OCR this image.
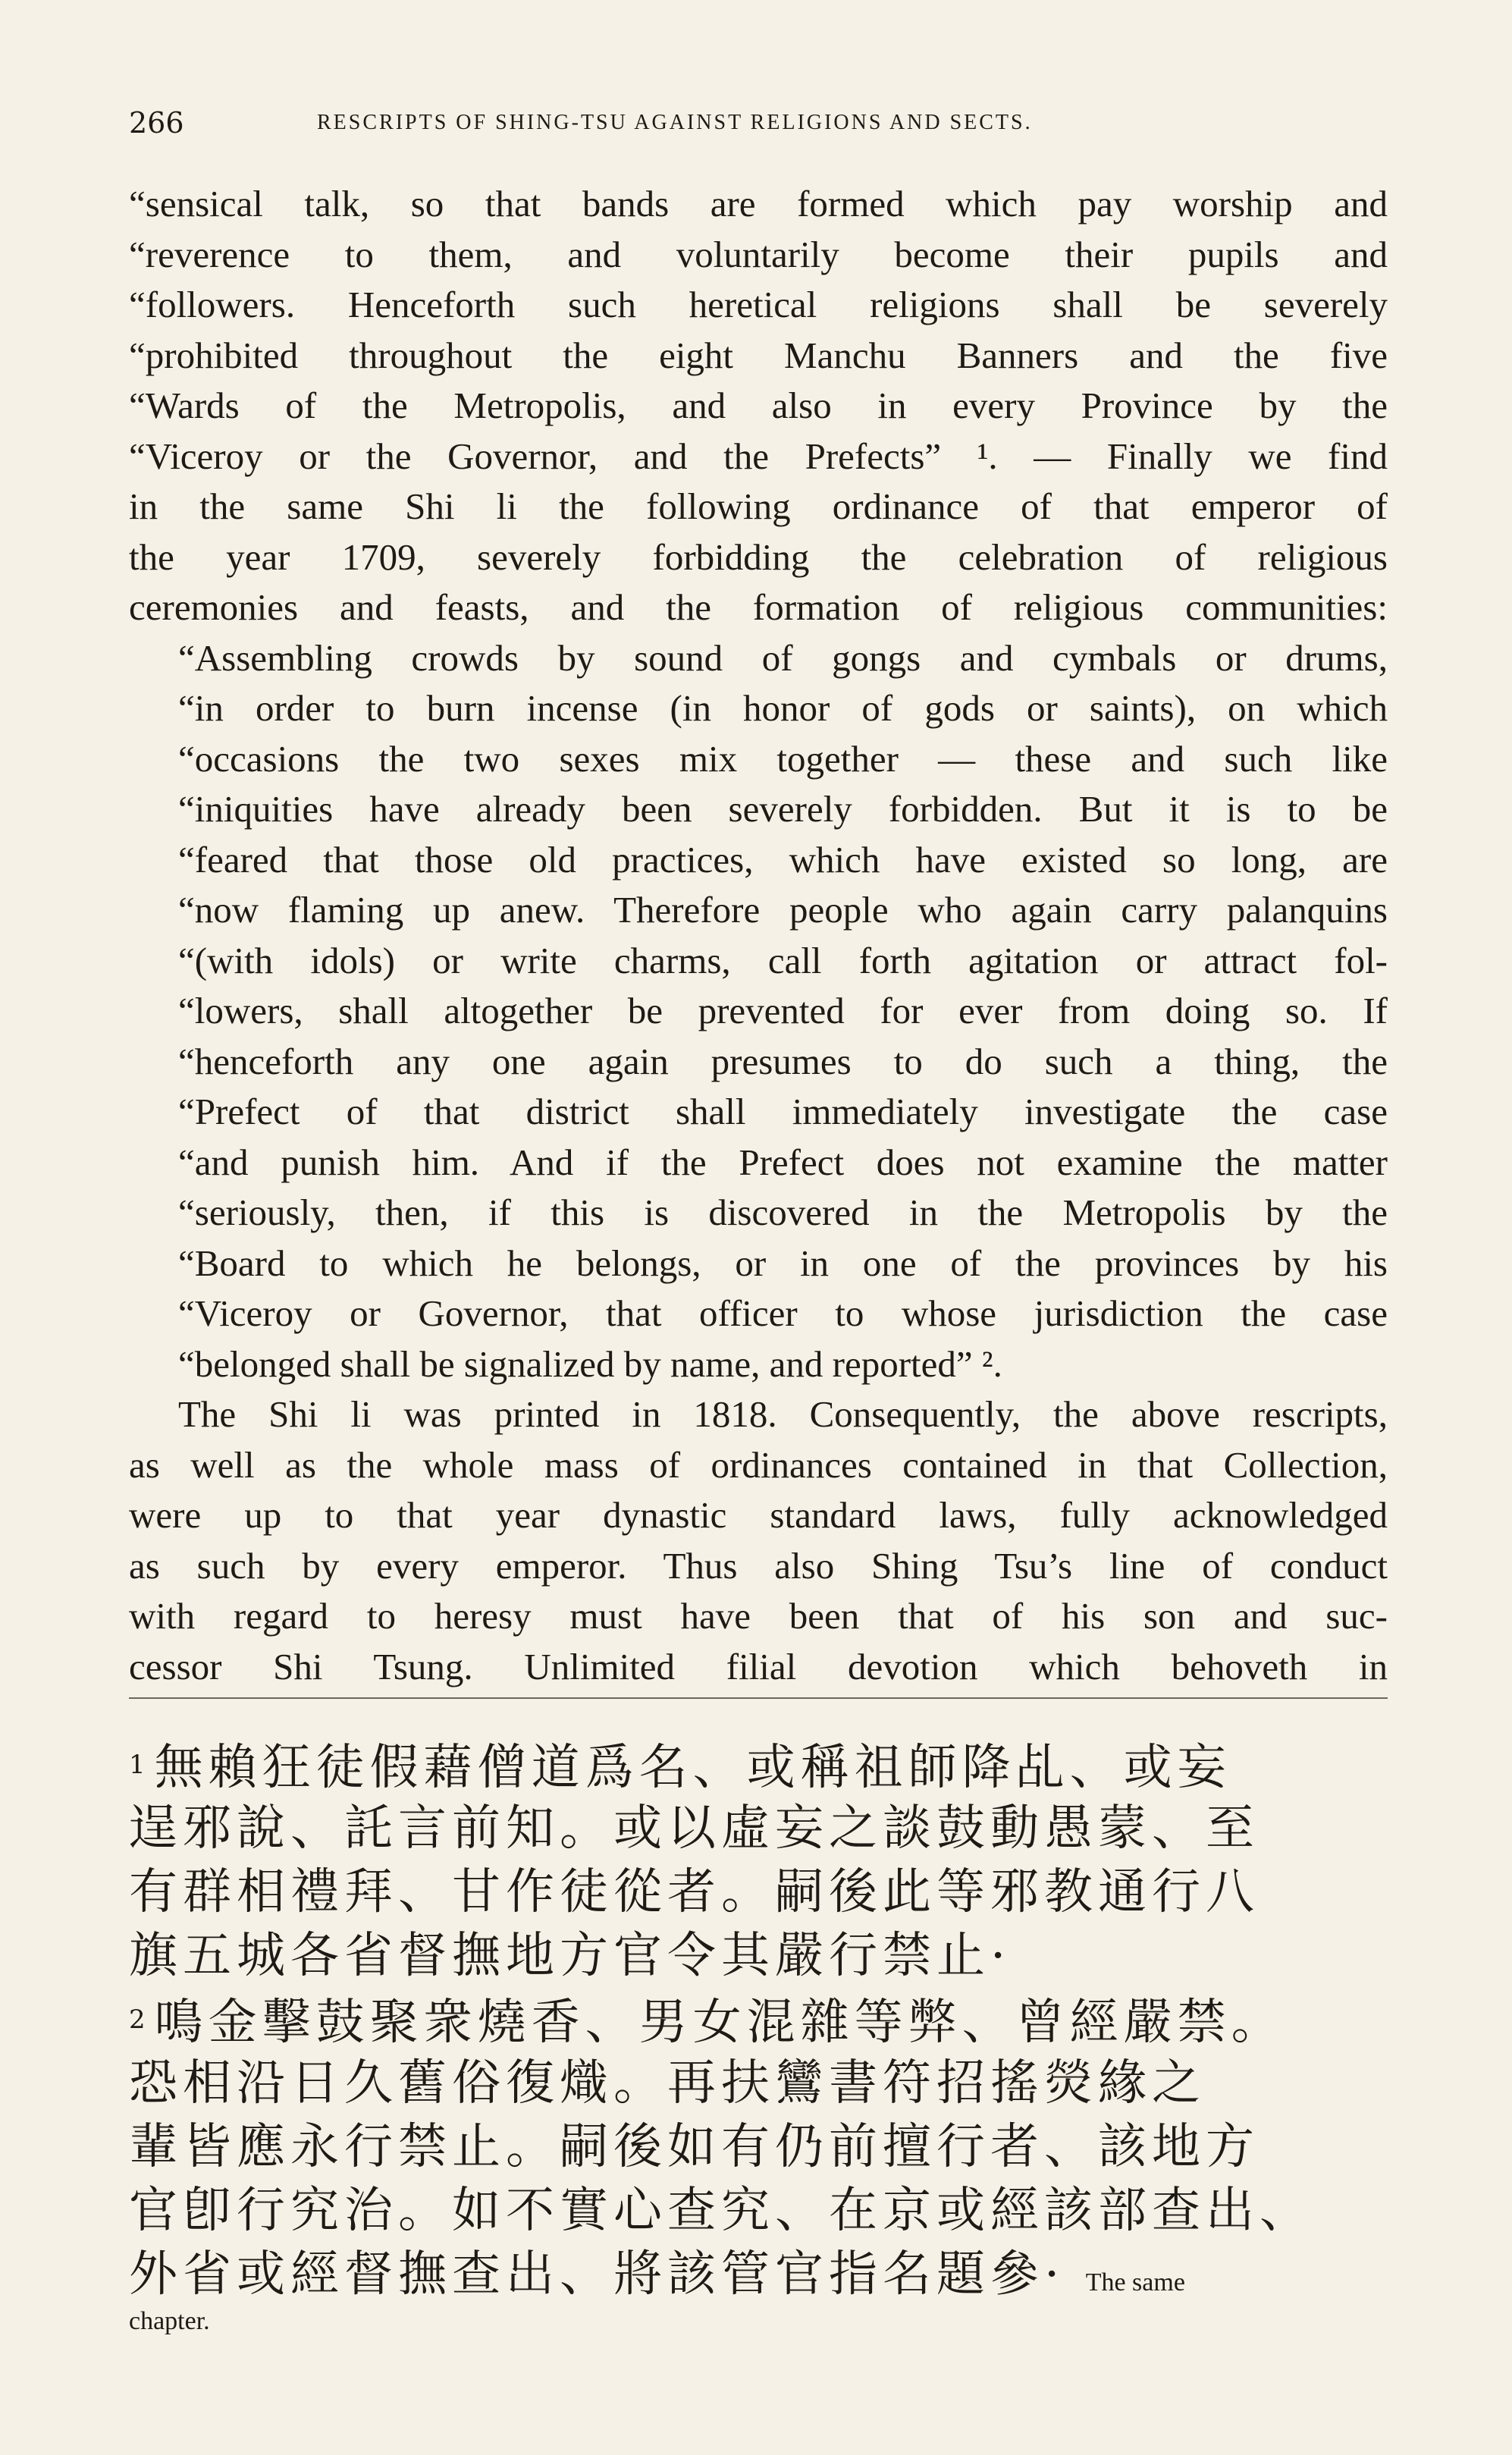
266	RESCRIPTS OF SHING-TSU AGAINST RELIGIONS AND SECTS.
“sensical talk, so that bands are formed which pay worship and
“reverence to them, and voluntarily become their pupils and
“followers. Henceforth such heretical religions shall be severely
“prohibited throughout the eight Manchu Banners and the five
“Wards of the Metropolis, and also in every Province by the
“Viceroy or the Governor, and the Prefects” ¹. — Finally we find
in the same Shi li the following ordinance of that emperor of
the year 1709, severely forbidding the celebration of religious
ceremonies and feasts, and the formation of religious communities:
“Assembling crowds by sound of gongs and cymbals or drums,
“in order to burn incense (in honor of gods or saints), on which
“occasions the two sexes mix together — these and such like
“iniquities have already been severely forbidden. But it is to be
“feared that those old practices, which have existed so long, are
“now flaming up anew. Therefore people who again carry palanquins
“(with idols) or write charms, call forth agitation or attract fol-
“lowers, shall altogether be prevented for ever from doing so. If
“henceforth any one again presumes to do such a thing, the
“Prefect of that district shall immediately investigate the case
“and punish him. And if the Prefect does not examine the matter
“seriously, then, if this is discovered in the Metropolis by the
“Board to which he belongs, or in one of the provinces by his
“Viceroy or Governor, that officer to whose jurisdiction the case
“belonged shall be signalized by name, and reported” ².
The Shi li was printed in 1818. Consequently, the above rescripts,
as well as the whole mass of ordinances contained in that Collection,
were up to that year dynastic standard laws, fully acknowledged
as such by every emperor. Thus also Shing Tsu’s line of conduct
with regard to heresy must have been that of his son and suc-
cessor Shi Tsung. Unlimited filial devotion which behoveth in
$^1$ 無賴狂徒假藉僧道爲名、或稱祖師降乩、或妄
逞邪說、託言前知。或以虛妄之談鼓動愚蒙、至
有群相禮拜、甘作徒從者。嗣後此等邪教通行八
旗五城各省督撫地方官令其嚴行禁止·
$^2$ 鳴金擊鼓聚衆燒香、男女混雜等弊、曾經嚴禁。
恐相沿日久舊俗復熾。再扶鸞書符招搖熒緣之
輩皆應永行禁止。嗣後如有仍前擅行者、該地方
官卽行究治。如不實心查究、在京或經該部查出、
外省或經督撫查出、將該管官指名題參· The same
chapter.
